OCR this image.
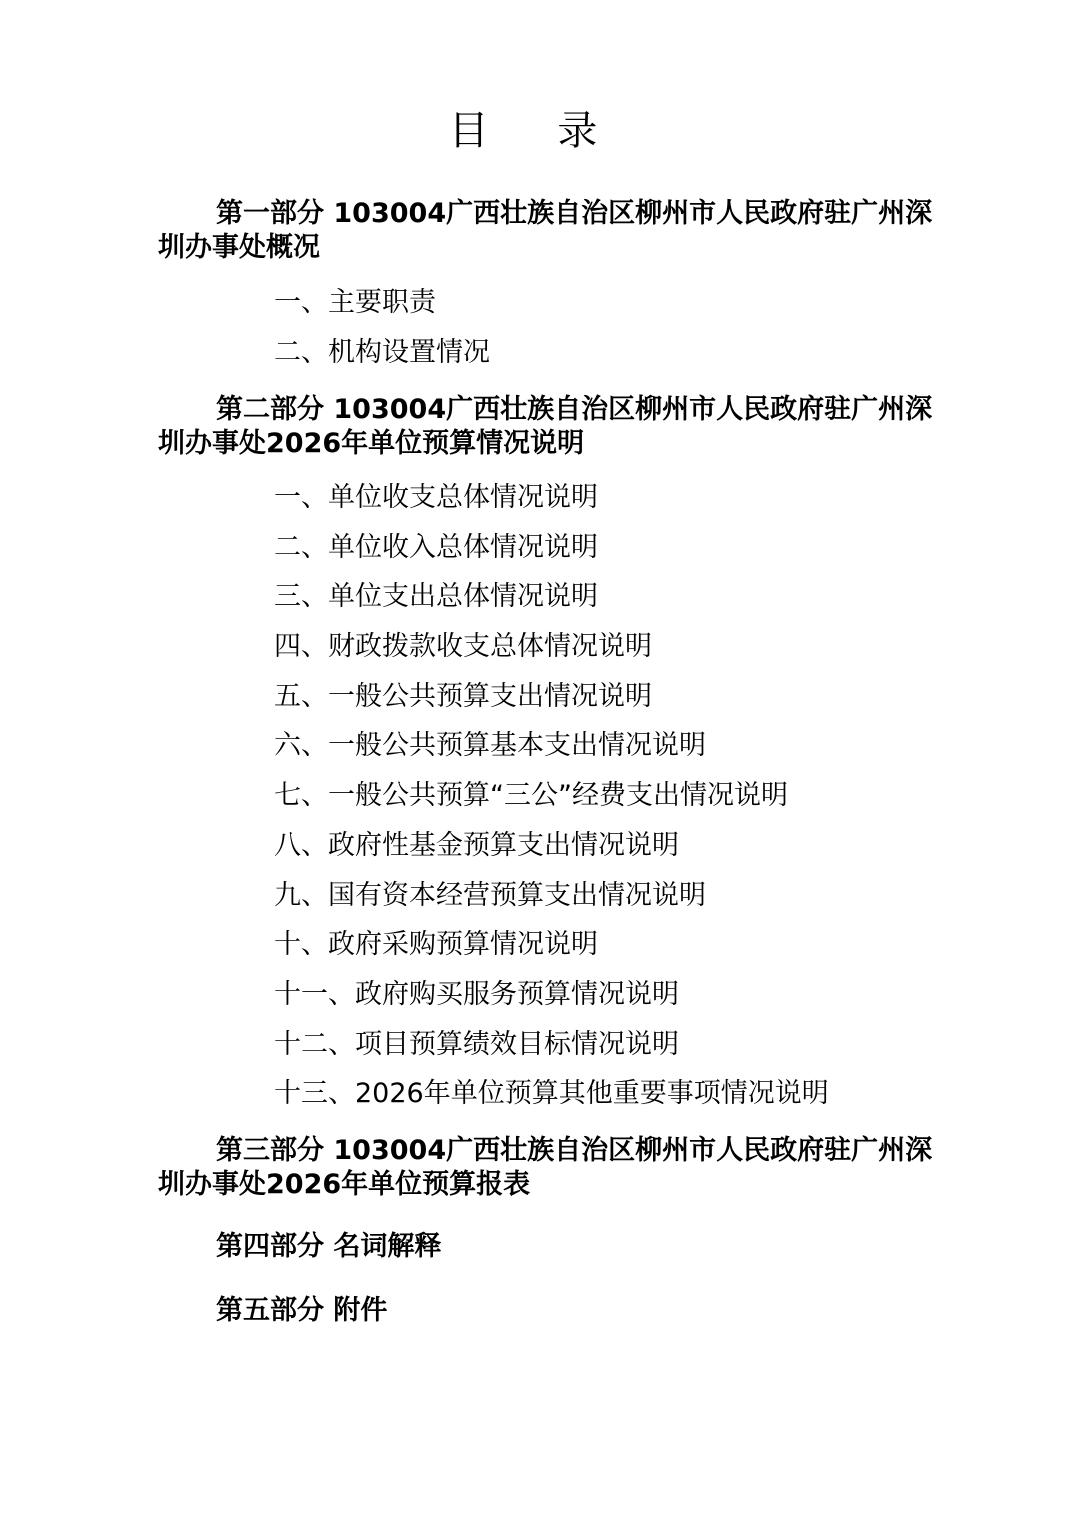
目 录
第一部分 103004广西壮族自治区柳州市人民政府驻广州深圳办事处概况
一、主要职责
二、机构设置情况
第二部分 103004广西壮族自治区柳州市人民政府驻广州深圳办事处2026年单位预算情况说明
一、单位收支总体情况说明
二、单位收入总体情况说明
三、单位支出总体情况说明
四、财政拨款收支总体情况说明
五、一般公共预算支出情况说明
六、一般公共预算基本支出情况说明
七、一般公共预算“三公”经费支出情况说明
八、政府性基金预算支出情况说明
九、国有资本经营预算支出情况说明
十、政府采购预算情况说明
十一、政府购买服务预算情况说明
十二、项目预算绩效目标情况说明
十三、2026年单位预算其他重要事项情况说明
第三部分 103004广西壮族自治区柳州市人民政府驻广州深圳办事处2026年单位预算报表
第四部分 名词解释
第五部分 附件
